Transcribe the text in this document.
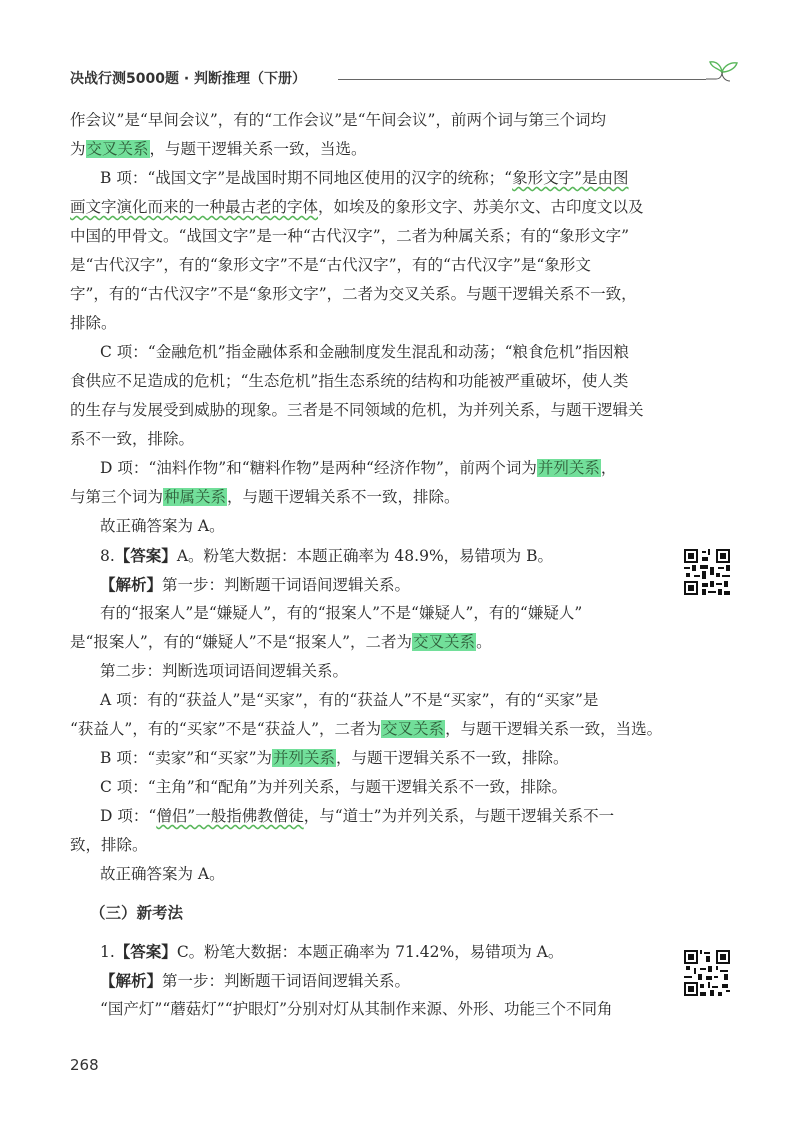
决战行测5000题 · 判断推理（下册）
作会议”是“早间会议”，有的“工作会议”是“午间会议”，前两个词与第三个词均
为交叉关系，与题干逻辑关系一致，当选。
B 项：“战国文字”是战国时期不同地区使用的汉字的统称；“象形文字”是由图
画文字演化而来的一种最古老的字体，如埃及的象形文字、苏美尔文、古印度文以及
中国的甲骨文。“战国文字”是一种“古代汉字”，二者为种属关系；有的“象形文字”
是“古代汉字”，有的“象形文字”不是“古代汉字”，有的“古代汉字”是“象形文
字”，有的“古代汉字”不是“象形文字”，二者为交叉关系。与题干逻辑关系不一致，
排除。
C 项：“金融危机”指金融体系和金融制度发生混乱和动荡；“粮食危机”指因粮
食供应不足造成的危机；“生态危机”指生态系统的结构和功能被严重破坏，使人类
的生存与发展受到威胁的现象。三者是不同领域的危机，为并列关系，与题干逻辑关
系不一致，排除。
D 项：“油料作物”和“糖料作物”是两种“经济作物”，前两个词为并列关系，
与第三个词为种属关系，与题干逻辑关系不一致，排除。
故正确答案为 A。
8.【答案】A。粉笔大数据：本题正确率为 48.9%，易错项为 B。
【解析】第一步：判断题干词语间逻辑关系。
有的“报案人”是“嫌疑人”，有的“报案人”不是“嫌疑人”，有的“嫌疑人”
是“报案人”，有的“嫌疑人”不是“报案人”，二者为交叉关系。
第二步：判断选项词语间逻辑关系。
A 项：有的“获益人”是“买家”，有的“获益人”不是“买家”，有的“买家”是
“获益人”，有的“买家”不是“获益人”，二者为交叉关系，与题干逻辑关系一致，当选。
B 项：“卖家”和“买家”为并列关系，与题干逻辑关系不一致，排除。
C 项：“主角”和“配角”为并列关系，与题干逻辑关系不一致，排除。
D 项：“僧侣”一般指佛教僧徒，与“道士”为并列关系，与题干逻辑关系不一
致，排除。
故正确答案为 A。
（三）新考法
1.【答案】C。粉笔大数据：本题正确率为 71.42%，易错项为 A。
【解析】第一步：判断题干词语间逻辑关系。
“国产灯”“蘑菇灯”“护眼灯”分别对灯从其制作来源、外形、功能三个不同角
268
